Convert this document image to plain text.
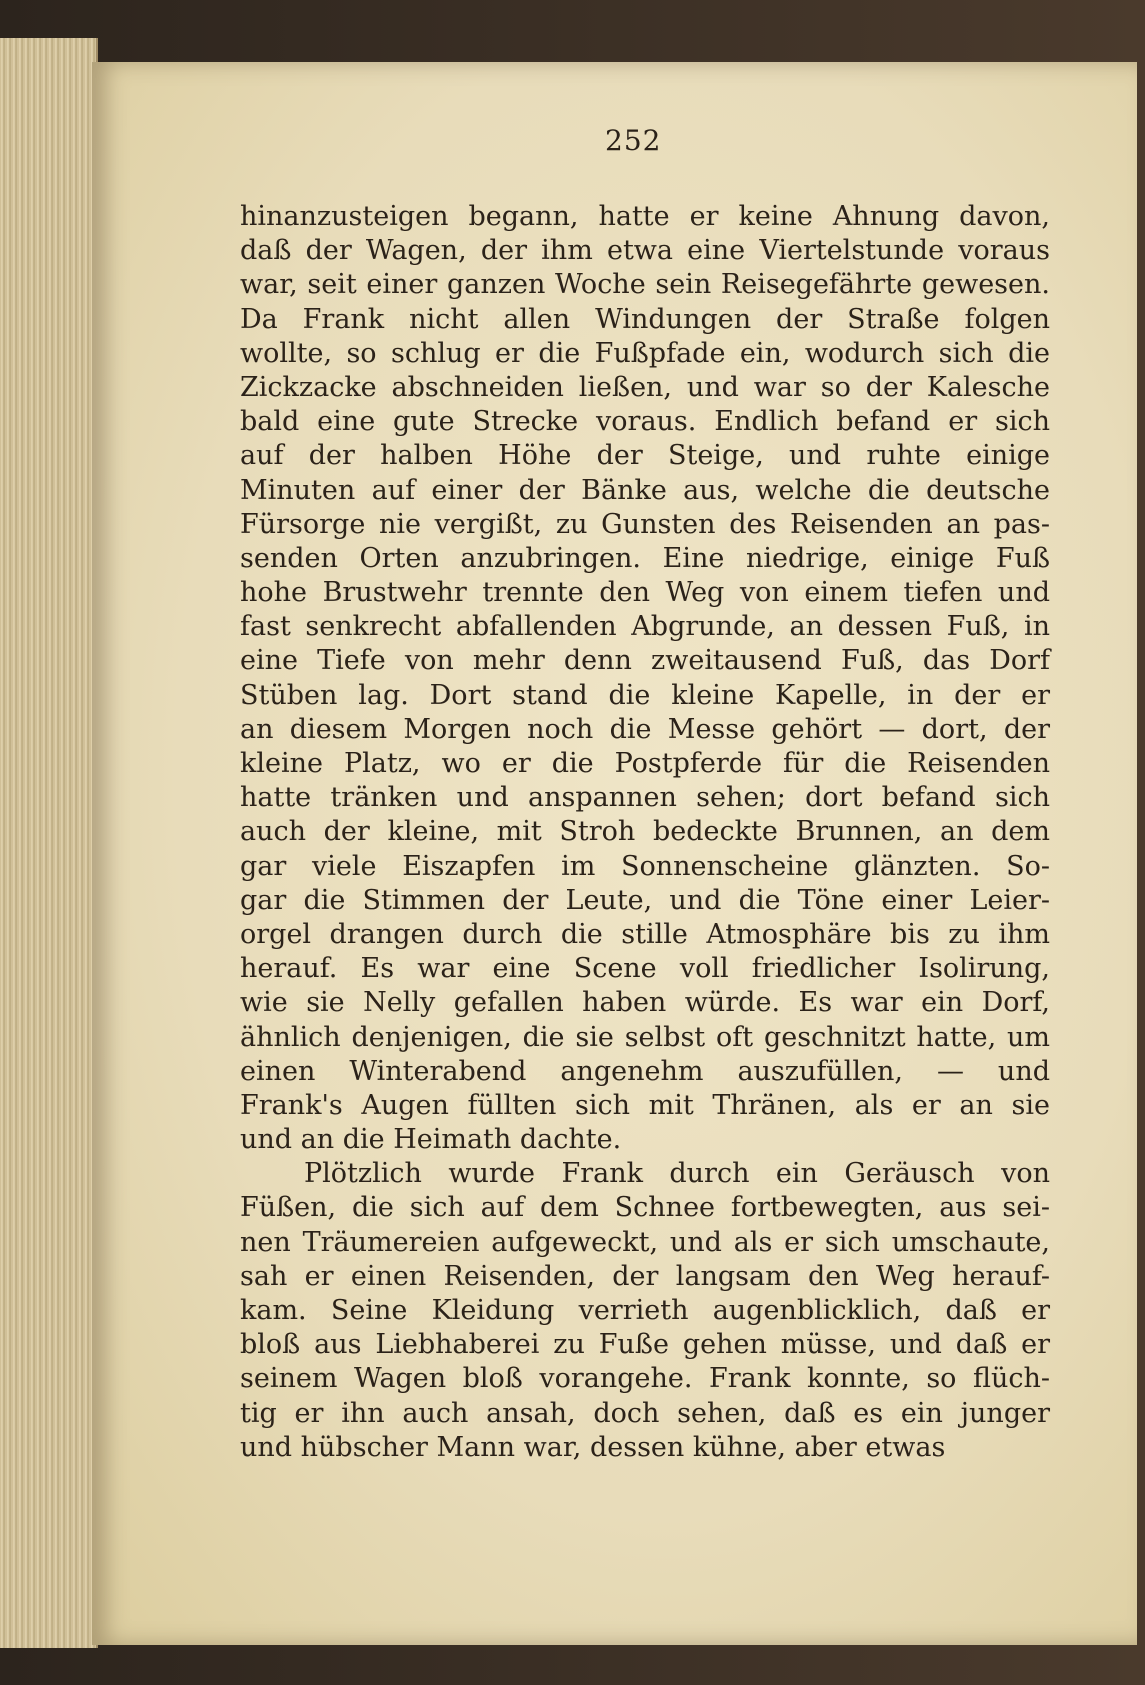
252
hinanzusteigen begann, hatte er keine Ahnung davon,
daß der Wagen, der ihm etwa eine Viertelstunde voraus
war, seit einer ganzen Woche sein Reisegefährte gewesen.
Da Frank nicht allen Windungen der Straße folgen
wollte, so schlug er die Fußpfade ein, wodurch sich die
Zickzacke abschneiden ließen, und war so der Kalesche
bald eine gute Strecke voraus. Endlich befand er sich
auf der halben Höhe der Steige, und ruhte einige
Minuten auf einer der Bänke aus, welche die deutsche
Fürsorge nie vergißt, zu Gunsten des Reisenden an pas-
senden Orten anzubringen. Eine niedrige, einige Fuß
hohe Brustwehr trennte den Weg von einem tiefen und
fast senkrecht abfallenden Abgrunde, an dessen Fuß, in
eine Tiefe von mehr denn zweitausend Fuß, das Dorf
Stüben lag. Dort stand die kleine Kapelle, in der er
an diesem Morgen noch die Messe gehört — dort, der
kleine Platz, wo er die Postpferde für die Reisenden
hatte tränken und anspannen sehen; dort befand sich
auch der kleine, mit Stroh bedeckte Brunnen, an dem
gar viele Eiszapfen im Sonnenscheine glänzten. So-
gar die Stimmen der Leute, und die Töne einer Leier-
orgel drangen durch die stille Atmosphäre bis zu ihm
herauf. Es war eine Scene voll friedlicher Isolirung,
wie sie Nelly gefallen haben würde. Es war ein Dorf,
ähnlich denjenigen, die sie selbst oft geschnitzt hatte, um
einen Winterabend angenehm auszufüllen, — und
Frank's Augen füllten sich mit Thränen, als er an sie
und an die Heimath dachte.
Plötzlich wurde Frank durch ein Geräusch von
Füßen, die sich auf dem Schnee fortbewegten, aus sei-
nen Träumereien aufgeweckt, und als er sich umschaute,
sah er einen Reisenden, der langsam den Weg herauf-
kam. Seine Kleidung verrieth augenblicklich, daß er
bloß aus Liebhaberei zu Fuße gehen müsse, und daß er
seinem Wagen bloß vorangehe. Frank konnte, so flüch-
tig er ihn auch ansah, doch sehen, daß es ein junger
und hübscher Mann war, dessen kühne, aber etwas
